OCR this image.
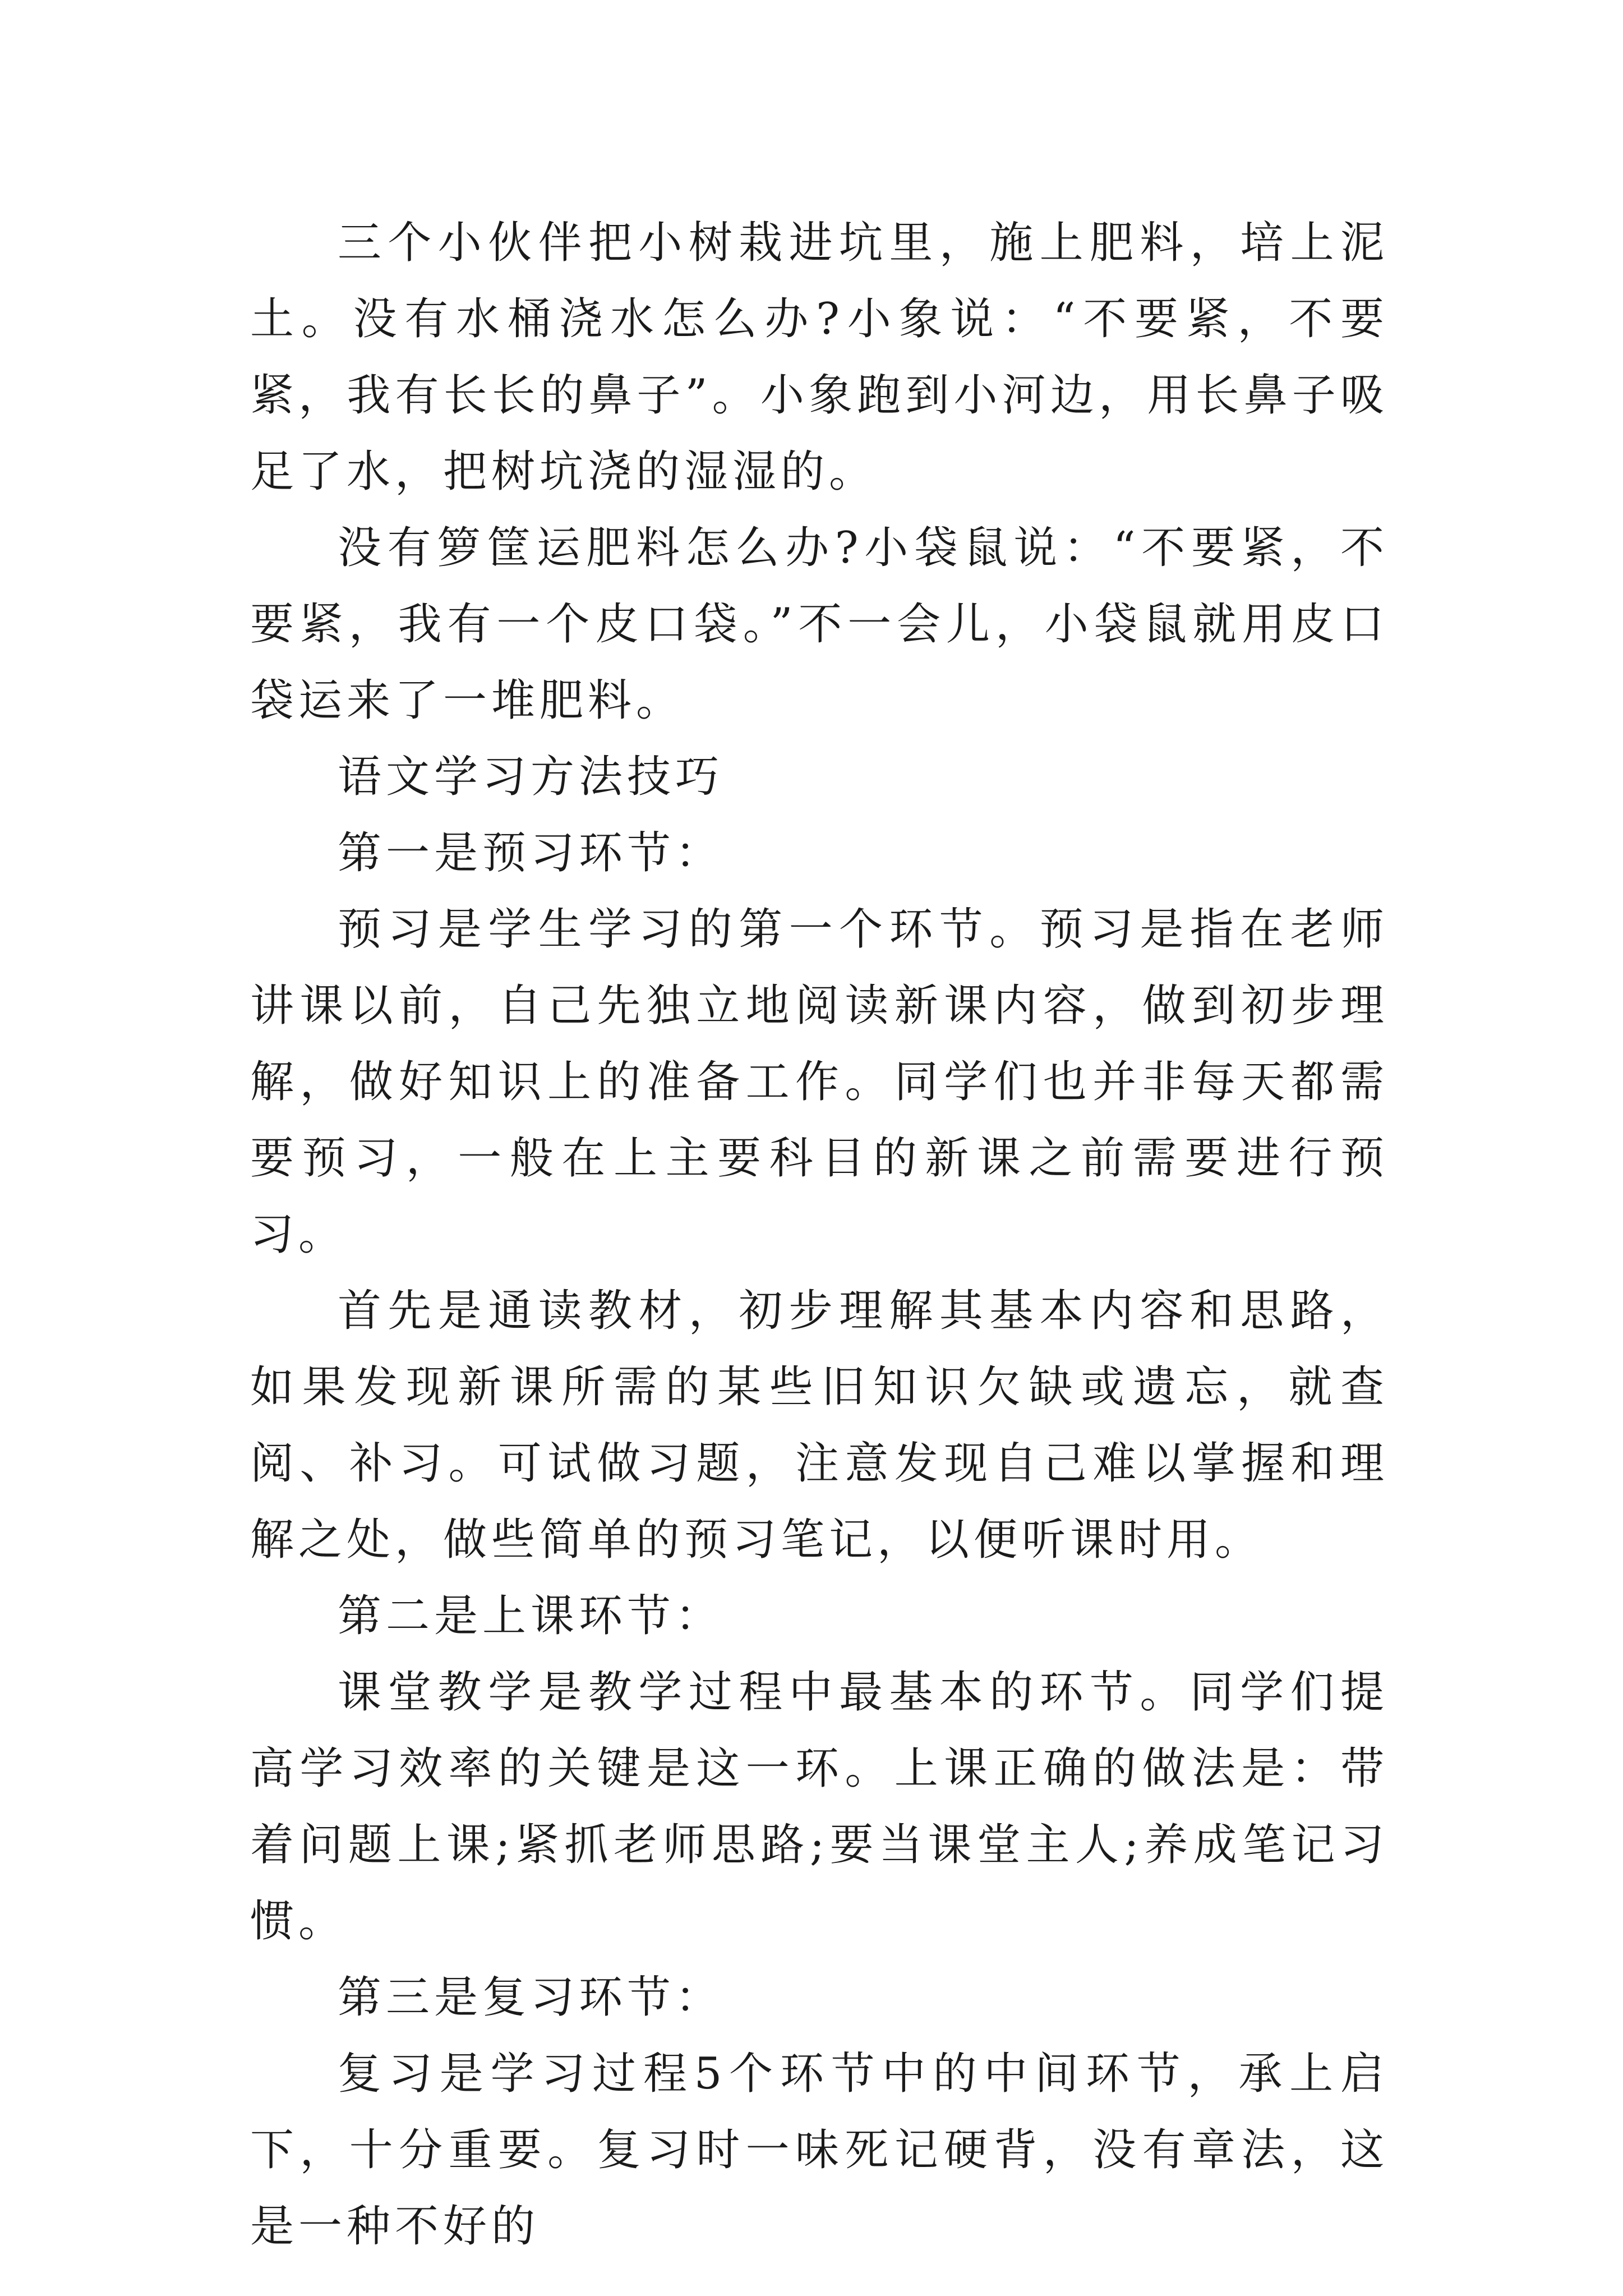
三个小伙伴把小树栽进坑里，施上肥料，培上泥土。没有水桶浇水怎么办?小象说：“不要紧，不要紧，我有长长的鼻子”。小象跑到小河边，用长鼻子吸足了水，把树坑浇的湿湿的。

没有箩筐运肥料怎么办?小袋鼠说：“不要紧，不要紧，我有一个皮口袋。”不一会儿，小袋鼠就用皮口袋运来了一堆肥料。

语文学习方法技巧

第一是预习环节：

预习是学生学习的第一个环节。预习是指在老师讲课以前，自己先独立地阅读新课内容，做到初步理解，做好知识上的准备工作。同学们也并非每天都需要预习，一般在上主要科目的新课之前需要进行预习。

首先是通读教材，初步理解其基本内容和思路，如果发现新课所需的某些旧知识欠缺或遗忘，就查阅、补习。可试做习题，注意发现自己难以掌握和理解之处，做些简单的预习笔记，以便听课时用。

第二是上课环节：

课堂教学是教学过程中最基本的环节。同学们提高学习效率的关键是这一环。上课正确的做法是：带着问题上课;紧抓老师思路;要当课堂主人;养成笔记习惯。

第三是复习环节：

复习是学习过程5个环节中的中间环节，承上启下，十分重要。复习时一味死记硬背，没有章法，这是一种不好的
